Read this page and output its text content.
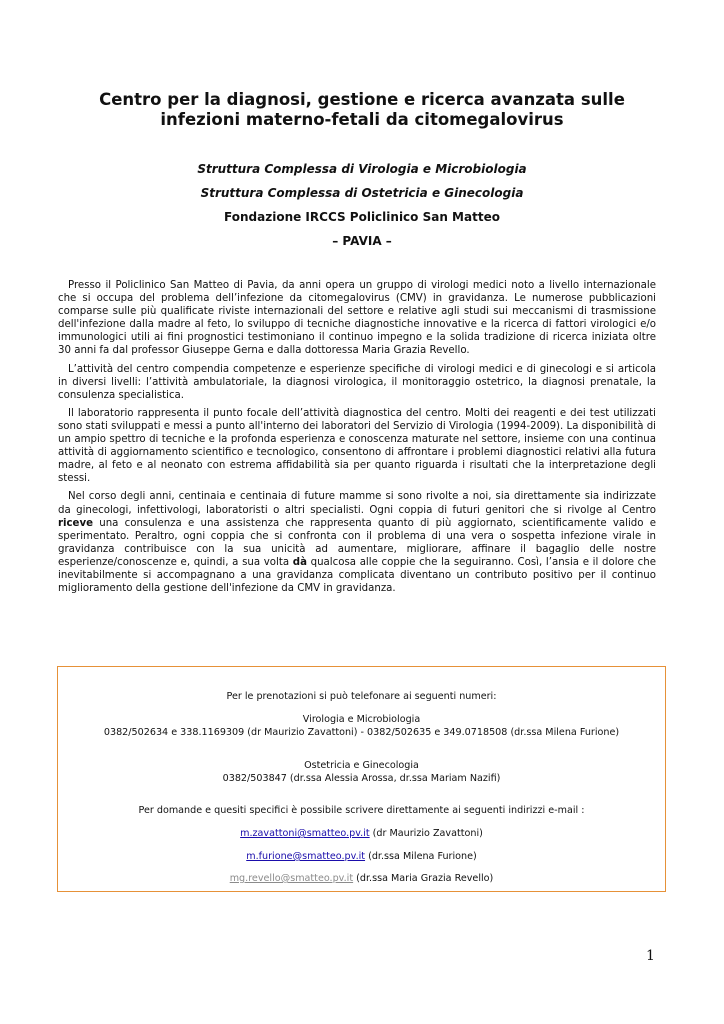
Centro per la diagnosi, gestione e ricerca avanzata sulle infezioni materno-fetali da citomegalovirus

Struttura Complessa di Virologia e Microbiologia

Struttura Complessa di Ostetricia e Ginecologia

Fondazione IRCCS Policlinico San Matteo

– PAVIA –

Presso il Policlinico San Matteo di Pavia, da anni opera un gruppo di virologi medici noto a livello internazionale che si occupa del problema dell’infezione da citomegalovirus (CMV) in gravidanza. Le numerose pubblicazioni comparse sulle più qualificate riviste internazionali del settore e relative agli studi sui meccanismi di trasmissione dell'infezione dalla madre al feto, lo sviluppo di tecniche diagnostiche innovative e la ricerca di fattori virologici e/o immunologici utili ai fini prognostici testimoniano il continuo impegno e la solida tradizione di ricerca iniziata oltre 30 anni fa dal professor Giuseppe Gerna e dalla dottoressa Maria Grazia Revello.

L’attività del centro compendia competenze e esperienze specifiche di virologi medici e di ginecologi e si articola in diversi livelli: l’attività ambulatoriale, la diagnosi virologica, il monitoraggio ostetrico, la diagnosi prenatale, la consulenza specialistica.

Il laboratorio rappresenta il punto focale dell’attività diagnostica del centro. Molti dei reagenti e dei test utilizzati sono stati sviluppati e messi a punto all'interno dei laboratori del Servizio di Virologia (1994-2009). La disponibilità di un ampio spettro di tecniche e la profonda esperienza e conoscenza maturate nel settore, insieme con una continua attività di aggiornamento scientifico e tecnologico, consentono di affrontare i problemi diagnostici relativi alla futura madre, al feto e al neonato con estrema affidabilità sia per quanto riguarda i risultati che la interpretazione degli stessi.

Nel corso degli anni, centinaia e centinaia di future mamme si sono rivolte a noi, sia direttamente sia indirizzate da ginecologi, infettivologi, laboratoristi o altri specialisti. Ogni coppia di futuri genitori che si rivolge al Centro riceve una consulenza e una assistenza che rappresenta quanto di più aggiornato, scientificamente valido e sperimentato. Peraltro, ogni coppia che si confronta con il problema di una vera o sospetta infezione virale in gravidanza contribuisce con la sua unicità ad aumentare, migliorare, affinare il bagaglio delle nostre esperienze/conoscenze e, quindi, a sua volta dà qualcosa alle coppie che la seguiranno. Così, l’ansia e il dolore che inevitabilmente si accompagnano a una gravidanza complicata diventano un contributo positivo per il continuo miglioramento della gestione dell'infezione da CMV in gravidanza.

Per le prenotazioni si può telefonare ai seguenti numeri:

Virologia e Microbiologia

0382/502634 e 338.1169309 (dr Maurizio Zavattoni) - 0382/502635 e 349.0718508 (dr.ssa Milena Furione)

Ostetricia e Ginecologia

0382/503847 (dr.ssa Alessia Arossa, dr.ssa Mariam Nazifi)

Per domande e quesiti specifici è possibile scrivere direttamente ai seguenti indirizzi e-mail :

m.zavattoni@smatteo.pv.it (dr Maurizio Zavattoni)

m.furione@smatteo.pv.it (dr.ssa Milena Furione)

mg.revello@smatteo.pv.it (dr.ssa Maria Grazia Revello)

1
